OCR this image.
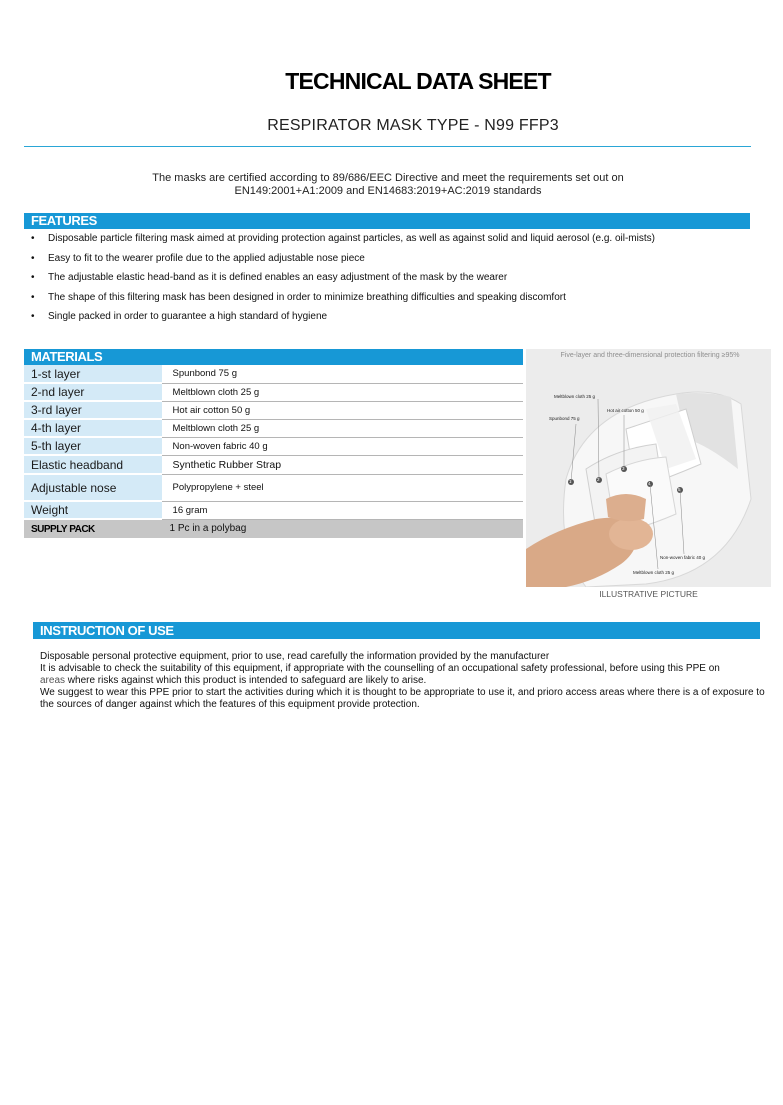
TECHNICAL DATA SHEET
RESPIRATOR MASK TYPE - N99 FFP3
The masks are certified according to 89/686/EEC Directive and meet the requirements set out on
EN149:2001+A1:2009 and EN14683:2019+AC:2019 standards
FEATURES
• Disposable particle filtering mask aimed at providing protection against particles, as well as against solid and liquid aerosol (e.g. oil-mists)
• Easy to fit to the wearer profile due to the applied adjustable nose piece
• The adjustable elastic head-band as it is defined enables an easy adjustment of the mask by the wearer
• The shape of this filtering mask has been designed in order to minimize breathing difficulties and speaking discomfort
• Single packed in order to guarantee a high standard of hygiene
MATERIALS
1-st layer	Spunbond 75 g
2-nd layer	Meltblown cloth 25 g
3-rd layer	Hot air cotton 50 g
4-th layer	Meltblown cloth 25 g
5-th layer	Non-woven fabric 40 g
Elastic headband	Synthetic Rubber Strap
Adjustable nose	Polypropylene + steel
Weight	16 gram
SUPPLY PACK	1 Pc in a polybag
Five-layer and three-dimensional protection filtering ≥95%
Meltblown cloth 25 g
Hot air cotton 50 g
Spunbond 75 g
Non-woven fabric 40 g
Meltblown cloth 25 g
1	2
3
4
5
ILLUSTRATIVE PICTURE
INSTRUCTION OF USE

Disposable personal protective equipment, prior to use, read carefully the information provided by the manufacturer

It is advisable to check the suitability of this equipment, if appropriate with the counselling of an occupational safety professional, before using this PPE on

areas where risks against which this product is intended to safeguard are likely to arise.

We suggest to wear this PPE prior to start the activities during which it is thought to be appropriate to use it, and prioro access areas where there is a of exposure to the sources of danger against which the features of this equipment provide protection.
